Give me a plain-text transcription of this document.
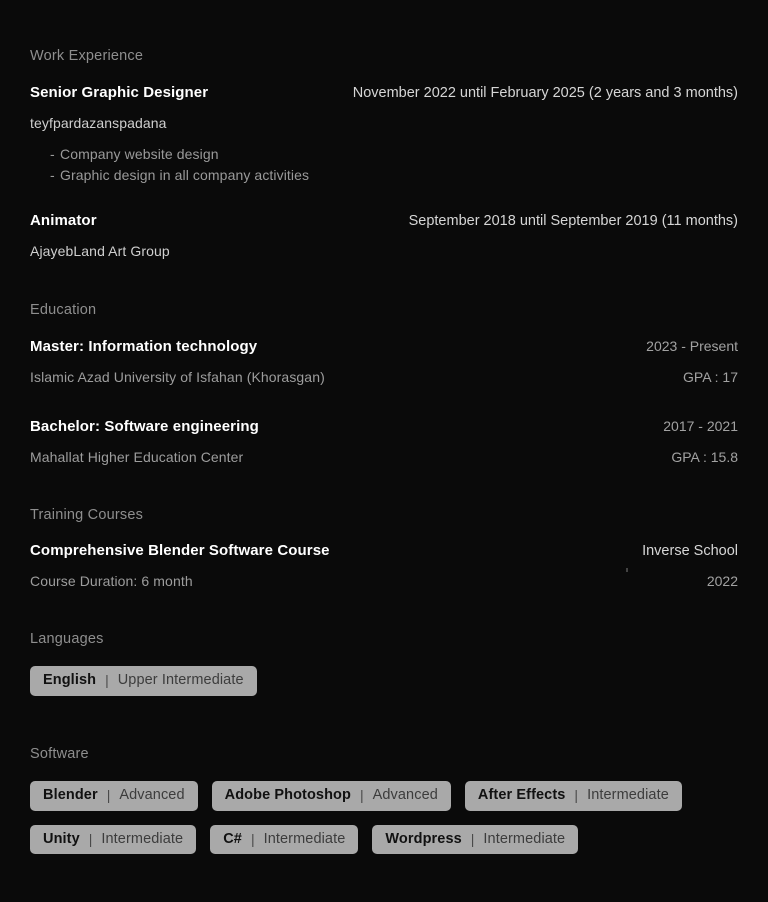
Work Experience
Senior Graphic Designer	November 2022 until February 2025 (2 years and 3 months)
teyfpardazanspadana
- Company website design
- Graphic design in all company activities
Animator	September 2018 until September 2019 (11 months)
AjayebLand Art Group
Education
Master: Information technology	2023 - Present
Islamic Azad University of Isfahan (Khorasgan)	GPA : 17
Bachelor: Software engineering	2017 - 2021
Mahallat Higher Education Center	GPA : 15.8
Training Courses
Comprehensive Blender Software Course	Inverse School
Course Duration: 6 month	2022
Languages
English | Upper Intermediate
Software
Blender | Advanced	Adobe Photoshop | Advanced	After Effects | Intermediate
Unity | Intermediate	C# | Intermediate	Wordpress | Intermediate
